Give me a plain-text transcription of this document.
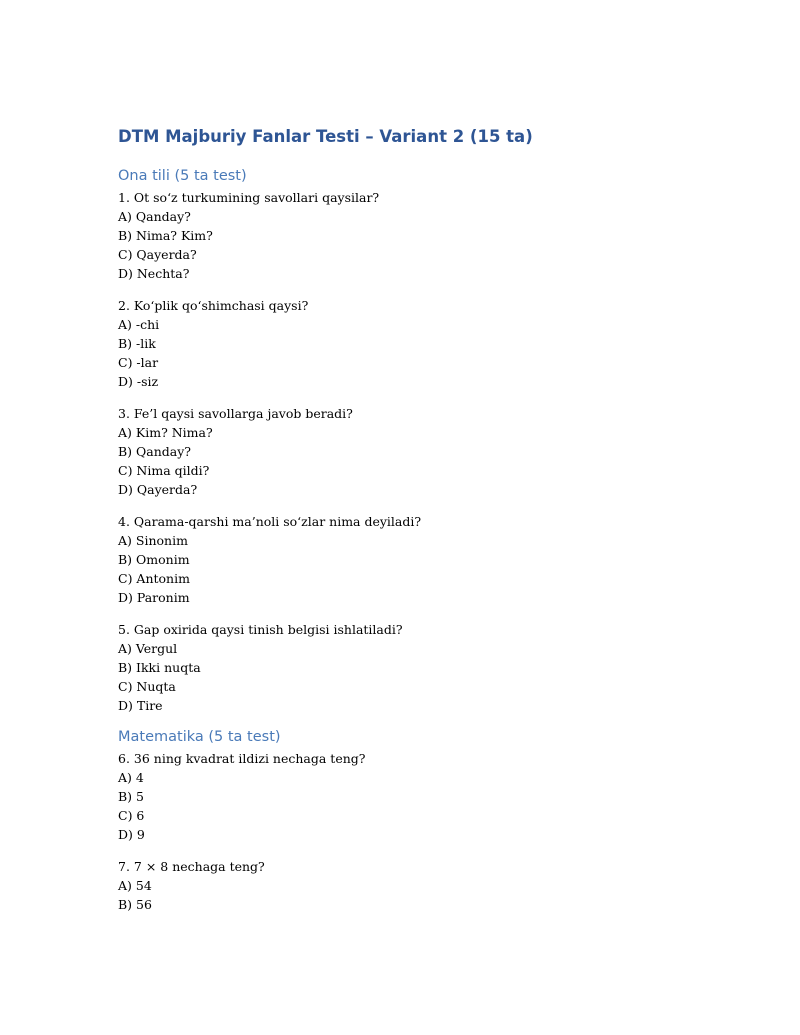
DTM Majburiy Fanlar Testi – Variant 2 (15 ta)
Ona tili (5 ta test)
1. Ot so‘z turkumining savollari qaysilar?
A) Qanday?
B) Nima? Kim?
C) Qayerda?
D) Nechta?
2. Ko‘plik qo‘shimchasi qaysi?
A) -chi
B) -lik
C) -lar
D) -siz
3. Fe’l qaysi savollarga javob beradi?
A) Kim? Nima?
B) Qanday?
C) Nima qildi?
D) Qayerda?
4. Qarama-qarshi ma’noli so‘zlar nima deyiladi?
A) Sinonim
B) Omonim
C) Antonim
D) Paronim
5. Gap oxirida qaysi tinish belgisi ishlatiladi?
A) Vergul
B) Ikki nuqta
C) Nuqta
D) Tire
Matematika (5 ta test)
6. 36 ning kvadrat ildizi nechaga teng?
A) 4
B) 5
C) 6
D) 9
7. 7 × 8 nechaga teng?
A) 54
B) 56
